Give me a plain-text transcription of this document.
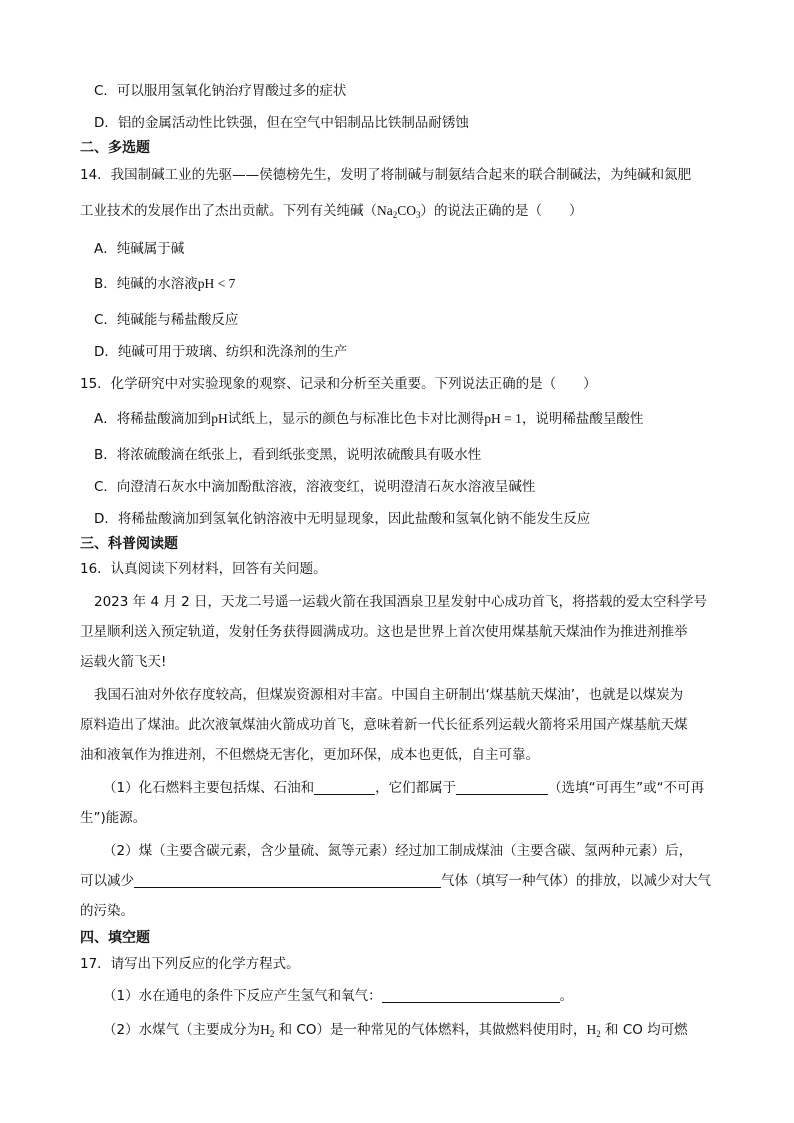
C．可以服用氢氧化钠治疗胃酸过多的症状
D．铝的金属活动性比铁强，但在空气中铝制品比铁制品耐锈蚀
二、多选题
14．我国制碱工业的先驱——侯德榜先生，发明了将制碱与制氨结合起来的联合制碱法，为纯碱和氮肥
工业技术的发展作出了杰出贡献。下列有关纯碱$(Na_2CO_3)$的说法正确的是（　　）
A．纯碱属于碱
B．纯碱的水溶液pH < 7
C．纯碱能与稀盐酸反应
D．纯碱可用于玻璃、纺织和洗涤剂的生产
15．化学研究中对实验现象的观察、记录和分析至关重要。下列说法正确的是（　　）
A．将稀盐酸滴加到pH试纸上，显示的颜色与标准比色卡对比测得pH = 1，说明稀盐酸呈酸性
B．将浓硫酸滴在纸张上，看到纸张变黑，说明浓硫酸具有吸水性
C．向澄清石灰水中滴加酚酞溶液，溶液变红，说明澄清石灰水溶液呈碱性
D．将稀盐酸滴加到氢氧化钠溶液中无明显现象，因此盐酸和氢氧化钠不能发生反应
三、科普阅读题
16．认真阅读下列材料，回答有关问题。
2023 年 4 月 2 日，天龙二号遥一运载火箭在我国酒泉卫星发射中心成功首飞，将搭载的爱太空科学号
卫星顺利送入预定轨道，发射任务获得圆满成功。这也是世界上首次使用煤基航天煤油作为推进剂推举
运载火箭飞天!
我国石油对外依存度较高，但煤炭资源相对丰富。中国自主研制出‘煤基航天煤油’，也就是以煤炭为
原料造出了煤油。此次液氧煤油火箭成功首飞，意味着新一代长征系列运载火箭将采用国产煤基航天煤
油和液氧作为推进剂，不但燃烧无害化，更加环保，成本也更低，自主可靠。
（1）化石燃料主要包括煤、石油和	，它们都属于	（选填“可再生”或“不可再
生”)能源。
（2）煤（主要含碳元素，含少量硫、氮等元素）经过加工制成煤油（主要含碳、氢两种元素）后，
可以减少	气体（填写一种气体）的排放，以减少对大气
的污染。
四、填空题
17．请写出下列反应的化学方程式。
（1）水在通电的条件下反应产生氢气和氧气：	。
（2）水煤气（主要成分为$H_2$ 和 CO）是一种常见的气体燃料，其做燃料使用时，$H_2$ 和 CO 均可燃
